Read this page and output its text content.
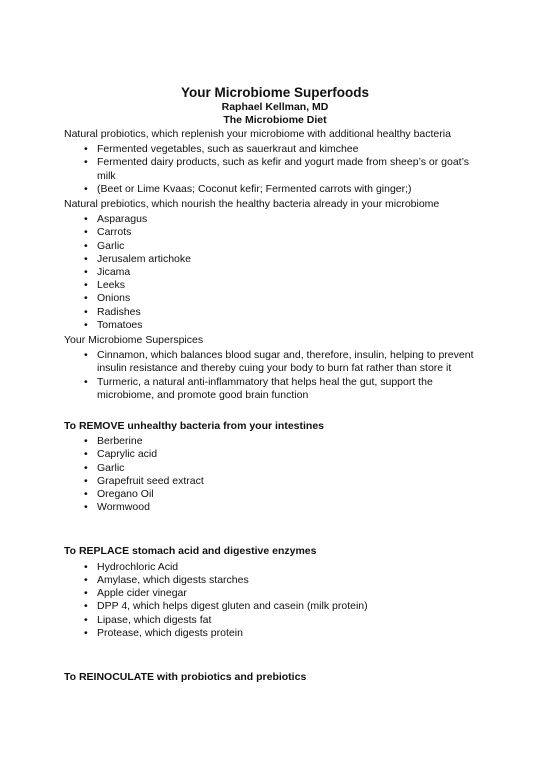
Your Microbiome Superfoods
Raphael Kellman, MD
The Microbiome Diet

Natural probiotics, which replenish your microbiome with additional healthy bacteria

• Fermented vegetables, such as sauerkraut and kimchee
• Fermented dairy products, such as kefir and yogurt made from sheep’s or goat’s milk
• (Beet or Lime Kvaas; Coconut kefir; Fermented carrots with ginger;)

Natural prebiotics, which nourish the healthy bacteria already in your microbiome

• Asparagus
• Carrots
• Garlic
• Jerusalem artichoke
• Jicama
• Leeks
• Onions
• Radishes
• Tomatoes

Your Microbiome Superspices

• Cinnamon, which balances blood sugar and, therefore, insulin, helping to prevent insulin resistance and thereby cuing your body to burn fat rather than store it
• Turmeric, a natural anti-inflammatory that helps heal the gut, support the microbiome, and promote good brain function

To REMOVE unhealthy bacteria from your intestines

• Berberine
• Caprylic acid
• Garlic
• Grapefruit seed extract
• Oregano Oil
• Wormwood

To REPLACE stomach acid and digestive enzymes

• Hydrochloric Acid
• Amylase, which digests starches
• Apple cider vinegar
• DPP 4, which helps digest gluten and casein (milk protein)
• Lipase, which digests fat
• Protease, which digests protein

To REINOCULATE with probiotics and prebiotics
